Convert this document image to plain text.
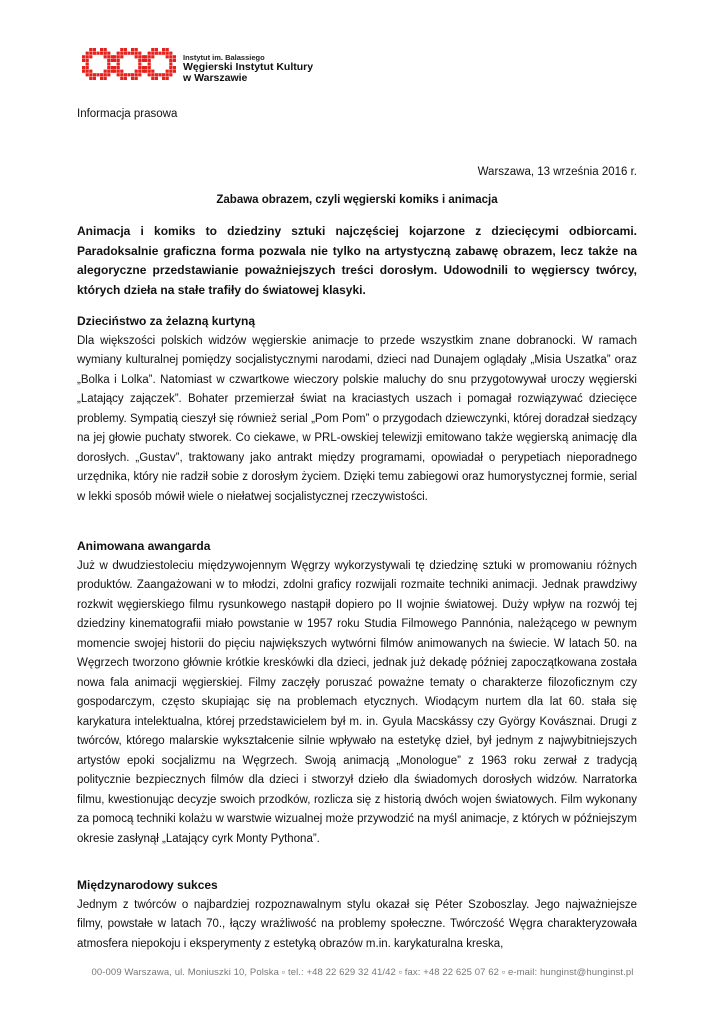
Instytut im. Balassiego
Węgierski Instytut Kultury
w Warszawie
Informacja prasowa
Warszawa, 13 września 2016 r.
Zabawa obrazem, czyli węgierski komiks i animacja
Animacja i komiks to dziedziny sztuki najczęściej kojarzone z dziecięcymi odbiorcami. Paradoksalnie graficzna forma pozwala nie tylko na artystyczną zabawę obrazem, lecz także na alegoryczne przedstawianie poważniejszych treści dorosłym. Udowodnili to węgierscy twórcy, których dzieła na stałe trafiły do światowej klasyki.
Dzieciństwo za żelazną kurtyną

Dla większości polskich widzów węgierskie animacje to przede wszystkim znane dobranocki. W ramach wymiany kulturalnej pomiędzy socjalistycznymi narodami, dzieci nad Dunajem oglądały „Misia Uszatka” oraz „Bolka i Lolka”. Natomiast w czwartkowe wieczory polskie maluchy do snu przygotowywał uroczy węgierski „Latający zajączek”. Bohater przemierzał świat na kraciastych uszach i pomagał rozwiązywać dziecięce problemy. Sympatią cieszył się również serial „Pom Pom” o przygodach dziewczynki, której doradzał siedzący na jej głowie puchaty stworek. Co ciekawe, w PRL-owskiej telewizji emitowano także węgierską animację dla dorosłych. „Gustav”, traktowany jako antrakt między programami, opowiadał o perypetiach nieporadnego urzędnika, który nie radził sobie z dorosłym życiem. Dzięki temu zabiegowi oraz humorystycznej formie, serial w lekki sposób mówił wiele o niełatwej socjalistycznej rzeczywistości.

Animowana awangarda

Już w dwudziestoleciu międzywojennym Węgrzy wykorzystywali tę dziedzinę sztuki w promowaniu różnych produktów. Zaangażowani w to młodzi, zdolni graficy rozwijali rozmaite techniki animacji. Jednak prawdziwy rozkwit węgierskiego filmu rysunkowego nastąpił dopiero po II wojnie światowej. Duży wpływ na rozwój tej dziedziny kinematografii miało powstanie w 1957 roku Studia Filmowego Pannónia, należącego w pewnym momencie swojej historii do pięciu największych wytwórni filmów animowanych na świecie. W latach 50. na Węgrzech tworzono głównie krótkie kreskówki dla dzieci, jednak już dekadę później zapoczątkowana została nowa fala animacji węgierskiej. Filmy zaczęły poruszać poważne tematy o charakterze filozoficznym czy gospodarczym, często skupiając się na problemach etycznych. Wiodącym nurtem dla lat 60. stała się karykatura intelektualna, której przedstawicielem był m. in. Gyula Macskássy czy György Kovásznai. Drugi z twórców, którego malarskie wykształcenie silnie wpływało na estetykę dzieł, był jednym z najwybitniejszych artystów epoki socjalizmu na Węgrzech. Swoją animacją „Monologue” z 1963 roku zerwał z tradycją politycznie bezpiecznych filmów dla dzieci i stworzył dzieło dla świadomych dorosłych widzów. Narratorka filmu, kwestionując decyzje swoich przodków, rozlicza się z historią dwóch wojen światowych. Film wykonany za pomocą techniki kolażu w warstwie wizualnej może przywodzić na myśl animacje, z których w późniejszym okresie zasłynął „Latający cyrk Monty Pythona”.

Międzynarodowy sukces

Jednym z twórców o najbardziej rozpoznawalnym stylu okazał się Péter Szoboszlay. Jego najważniejsze filmy, powstałe w latach 70., łączy wrażliwość na problemy społeczne. Twórczość Węgra charakteryzowała atmosfera niepokoju i eksperymenty z estetyką obrazów m.in. karykaturalna kreska,

00-009 Warszawa, ul. Moniuszki 10, Polska ▫ tel.: +48 22 629 32 41/42 ▫ fax: +48 22 625 07 62 ▫ e-mail: hunginst@hunginst.pl
